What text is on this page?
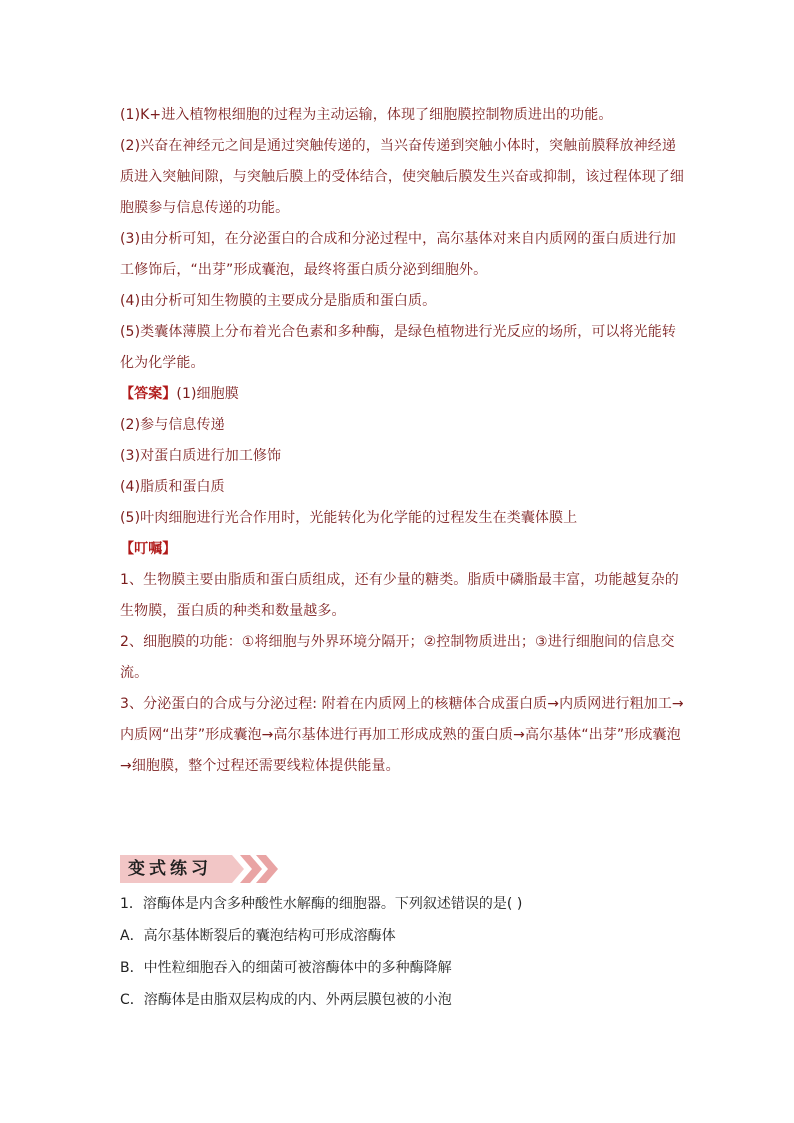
(1)K+进入植物根细胞的过程为主动运输，体现了细胞膜控制物质进出的功能。
(2)兴奋在神经元之间是通过突触传递的，当兴奋传递到突触小体时，突触前膜释放神经递
质进入突触间隙，与突触后膜上的受体结合，使突触后膜发生兴奋或抑制，该过程体现了细
胞膜参与信息传递的功能。
(3)由分析可知，在分泌蛋白的合成和分泌过程中，高尔基体对来自内质网的蛋白质进行加
工修饰后，“出芽”形成囊泡，最终将蛋白质分泌到细胞外。
(4)由分析可知生物膜的主要成分是脂质和蛋白质。
(5)类囊体薄膜上分布着光合色素和多种酶，是绿色植物进行光反应的场所，可以将光能转
化为化学能。
【答案】(1)细胞膜
(2)参与信息传递
(3)对蛋白质进行加工修饰
(4)脂质和蛋白质
(5)叶肉细胞进行光合作用时，光能转化为化学能的过程发生在类囊体膜上
【叮嘱】
1、生物膜主要由脂质和蛋白质组成，还有少量的糖类。脂质中磷脂最丰富，功能越复杂的
生物膜，蛋白质的种类和数量越多。
2、细胞膜的功能：①将细胞与外界环境分隔开；②控制物质进出；③进行细胞间的信息交
流。
3、分泌蛋白的合成与分泌过程: 附着在内质网上的核糖体合成蛋白质→内质网进行粗加工→
内质网“出芽”形成囊泡→高尔基体进行再加工形成成熟的蛋白质→高尔基体“出芽”形成囊泡
→细胞膜，整个过程还需要线粒体提供能量。
变式练习
1．溶酶体是内含多种酸性水解酶的细胞器。下列叙述错误的是( )
A．高尔基体断裂后的囊泡结构可形成溶酶体
B．中性粒细胞吞入的细菌可被溶酶体中的多种酶降解
C．溶酶体是由脂双层构成的内、外两层膜包被的小泡
